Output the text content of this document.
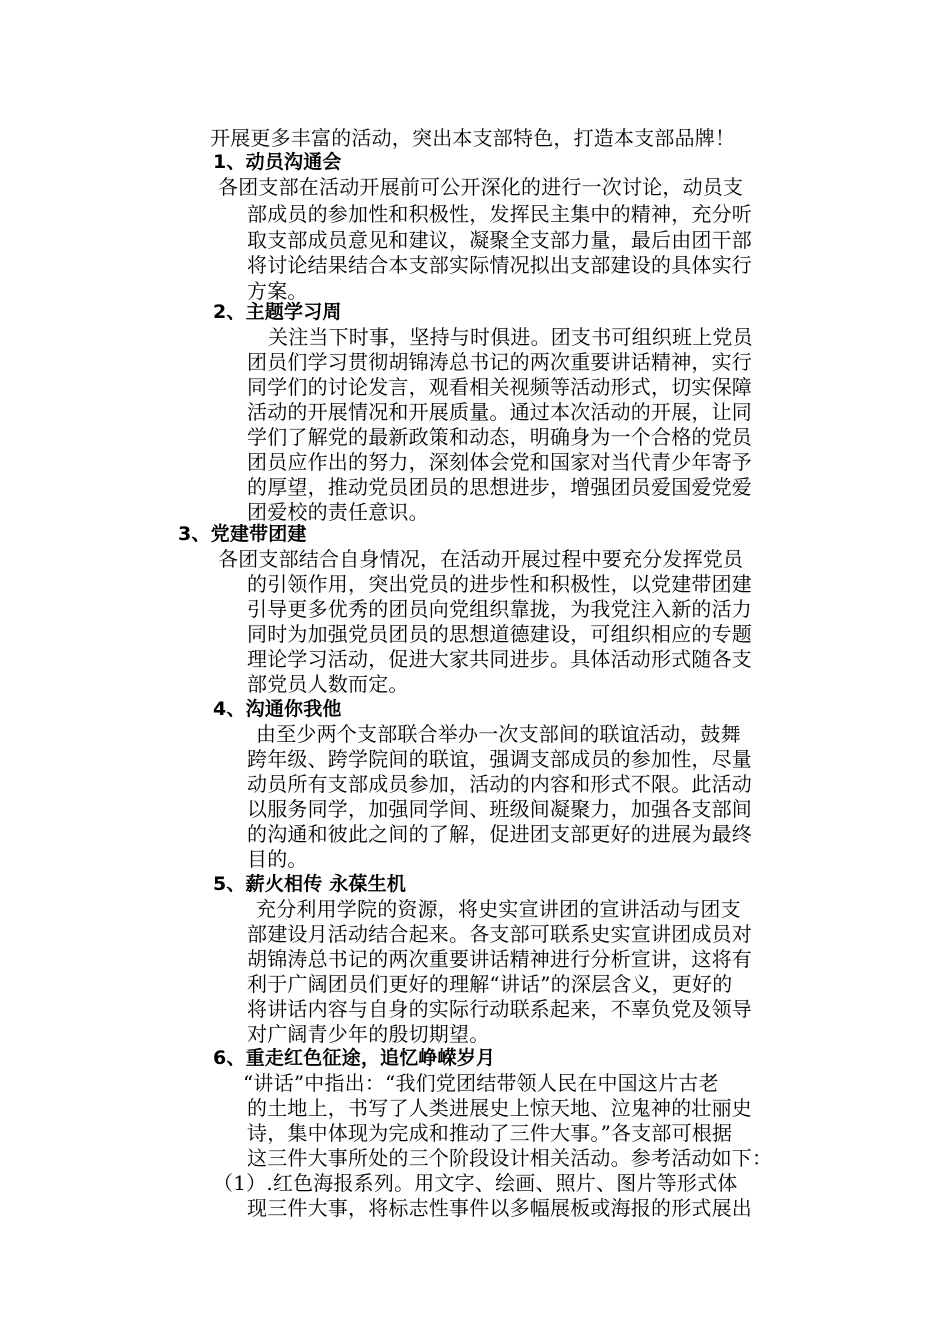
开展更多丰富的活动，突出本支部特色，打造本支部品牌！
1、动员沟通会
各团支部在活动开展前可公开深化的进行一次讨论，动员支
部成员的参加性和积极性，发挥民主集中的精神，充分听
取支部成员意见和建议，凝聚全支部力量，最后由团干部
将讨论结果结合本支部实际情况拟出支部建设的具体实行
方案。
2、主题学习周
关注当下时事，坚持与时俱进。团支书可组织班上党员
团员们学习贯彻胡锦涛总书记的两次重要讲话精神，实行
同学们的讨论发言，观看相关视频等活动形式，切实保障
活动的开展情况和开展质量。通过本次活动的开展，让同
学们了解党的最新政策和动态，明确身为一个合格的党员
团员应作出的努力，深刻体会党和国家对当代青少年寄予
的厚望，推动党员团员的思想进步，增强团员爱国爱党爱
团爱校的责任意识。
3、党建带团建
各团支部结合自身情况，在活动开展过程中要充分发挥党员
的引领作用，突出党员的进步性和积极性，以党建带团建
引导更多优秀的团员向党组织靠拢，为我党注入新的活力
同时为加强党员团员的思想道德建设，可组织相应的专题
理论学习活动，促进大家共同进步。具体活动形式随各支
部党员人数而定。
4、沟通你我他
由至少两个支部联合举办一次支部间的联谊活动，鼓舞
跨年级、跨学院间的联谊，强调支部成员的参加性，尽量
动员所有支部成员参加，活动的内容和形式不限。此活动
以服务同学，加强同学间、班级间凝聚力，加强各支部间
的沟通和彼此之间的了解，促进团支部更好的进展为最终
目的。
5、薪火相传 永葆生机
充分利用学院的资源，将史实宣讲团的宣讲活动与团支
部建设月活动结合起来。各支部可联系史实宣讲团成员对
胡锦涛总书记的两次重要讲话精神进行分析宣讲，这将有
利于广阔团员们更好的理解“讲话”的深层含义，更好的
将讲话内容与自身的实际行动联系起来，不辜负党及领导
对广阔青少年的殷切期望。
6、重走红色征途，追忆峥嵘岁月
“讲话”中指出：“我们党团结带领人民在中国这片古老
的土地上，书写了人类进展史上惊天地、泣鬼神的壮丽史
诗，集中体现为完成和推动了三件大事。”各支部可根据
这三件大事所处的三个阶段设计相关活动。参考活动如下：
（1）.红色海报系列。用文字、绘画、照片、图片等形式体
现三件大事，将标志性事件以多幅展板或海报的形式展出
